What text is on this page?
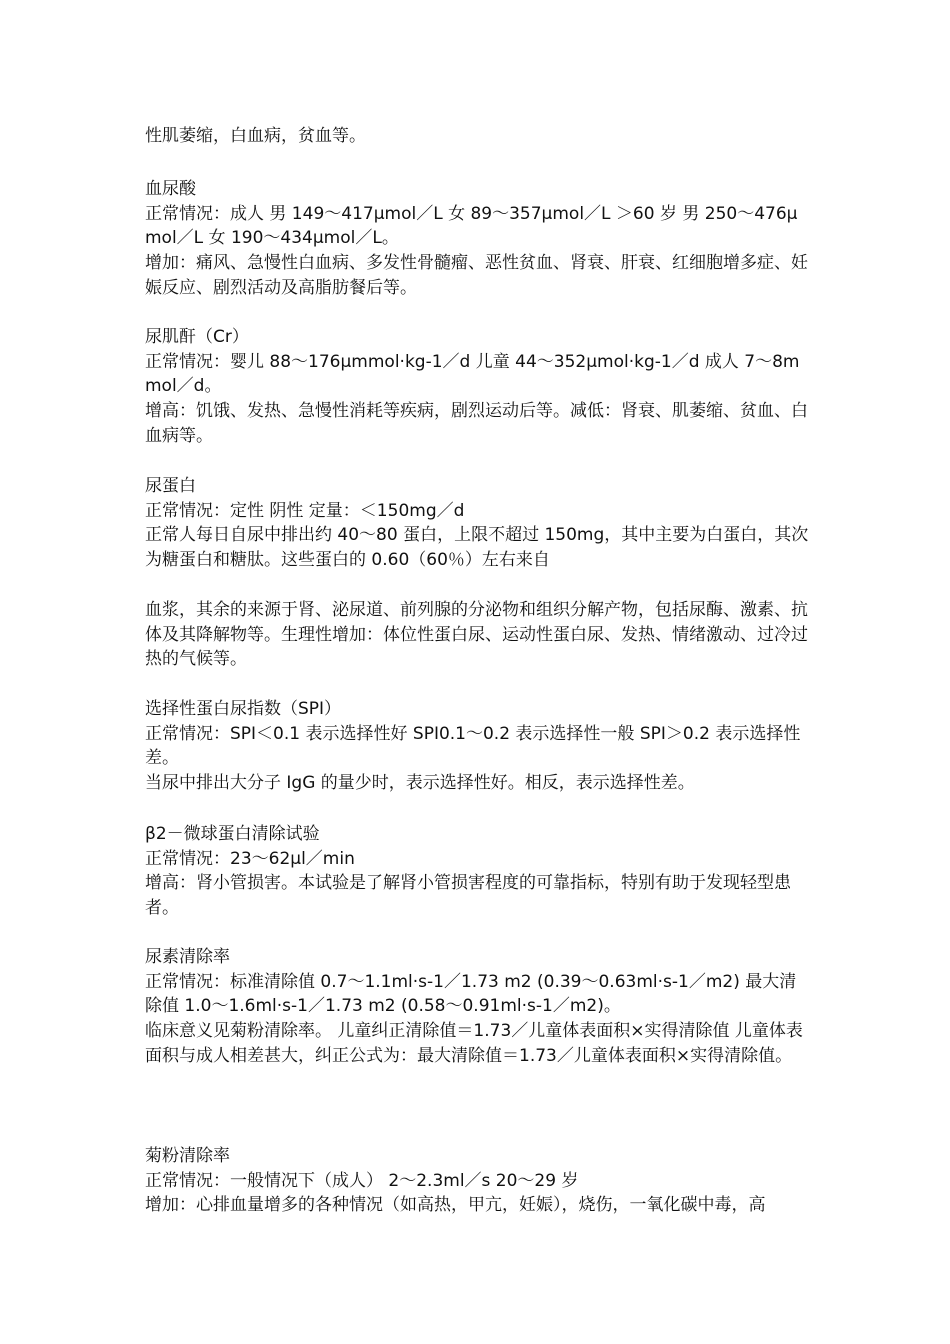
性肌萎缩，白血病，贫血等。

血尿酸

正常情况：成人 男 149～417μmol／L 女 89～357μmol／L ＞60 岁 男 250～476μmol／L 女 190～434μmol／L。

增加：痛风、急慢性白血病、多发性骨髓瘤、恶性贫血、肾衰、肝衰、红细胞增多症、妊娠反应、剧烈活动及高脂肪餐后等。

尿肌酐（Cr）

正常情况：婴儿 88～176μmmol·kg-1／d 儿童 44～352μmol·kg-1／d 成人 7～8mmol／d。

增高：饥饿、发热、急慢性消耗等疾病，剧烈运动后等。减低：肾衰、肌萎缩、贫血、白血病等。

尿蛋白

正常情况：定性 阴性 定量：＜150mg／d

正常人每日自尿中排出约 40～80 蛋白，上限不超过 150mg，其中主要为白蛋白，其次为糖蛋白和糖肽。这些蛋白的 0.60（60％）左右来自

血浆，其余的来源于肾、泌尿道、前列腺的分泌物和组织分解产物，包括尿酶、激素、抗体及其降解物等。生理性增加：体位性蛋白尿、运动性蛋白尿、发热、情绪激动、过冷过热的气候等。

选择性蛋白尿指数（SPI）

正常情况：SPI＜0.1 表示选择性好 SPI0.1～0.2 表示选择性一般 SPI＞0.2 表示选择性差。

当尿中排出大分子 IgG 的量少时，表示选择性好。相反，表示选择性差。

β2－微球蛋白清除试验

正常情况：23～62μl／min

增高：肾小管损害。本试验是了解肾小管损害程度的可靠指标，特别有助于发现轻型患者。

尿素清除率

正常情况：标准清除值 0.7～1.1ml·s-1／1.73 m2 (0.39～0.63ml·s-1／m2) 最大清除值 1.0～1.6ml·s-1／1.73 m2 (0.58～0.91ml·s-1／m2)。

临床意义见菊粉清除率。 儿童纠正清除值＝1.73／儿童体表面积×实得清除值 儿童体表面积与成人相差甚大，纠正公式为：最大清除值＝1.73／儿童体表面积×实得清除值。

菊粉清除率

正常情况：一般情况下（成人） 2～2.3ml／s 20～29 岁

增加：心排血量增多的各种情况（如高热，甲亢，妊娠），烧伤，一氧化碳中毒，高
